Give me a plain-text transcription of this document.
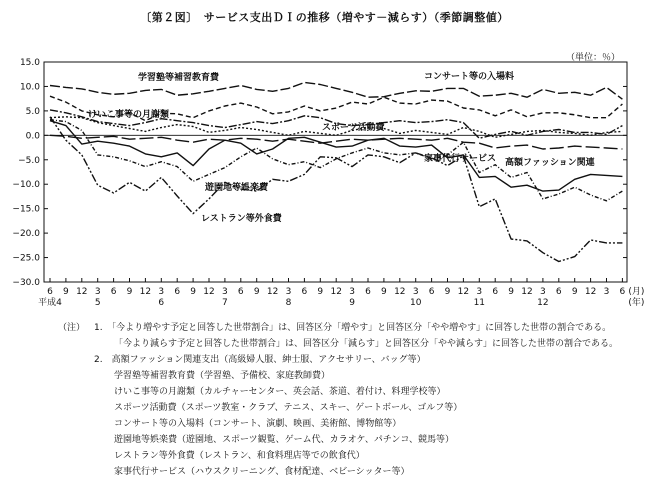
〔第２図〕　サービス支出ＤＩの推移（増やす－減らす）（季節調整値）
（単位：％）
15.0
10.0
5.0
0.0
−5.0
−10.0
−15.0
−20.0
−25.0
−30.0
6 9 12 3 6 9 12 3 6 9 12 3 6 9 12 3 6 9 12 3 6 9 12 3 6 9 12 3 6 9 12 3 6 9 12 3 6 (月)
平成4	5	6	7	8	9	10	11	12	(年)
学習塾等補習教育費	コンサート等の入場料
けいこ事等の月謝類
スポーツ活動費
家事代行サービス 高額ファッション関連
遊園地等娯楽費
レストラン等外食費
（注） 1.　「今より増やす予定と回答した世帯割合」は、回答区分「増やす」と回答区分「やや増やす」に回答した世帯の割合である。
「今より減らす予定と回答した世帯割合」は、回答区分「減らす」と回答区分「やや減らす」に回答した世帯の割合である。
2.　高額ファッション関連支出（高級婦人服、紳士服、アクセサリー、バッグ等）
学習塾等補習教育費（学習塾、予備校、家庭教師費）
けいこ事等の月謝類（カルチャーセンター、英会話、茶道、着付け、料理学校等）
スポーツ活動費（スポーツ教室・クラブ、テニス、スキー、ゲートボール、ゴルフ等）
コンサート等の入場料（コンサート、演劇、映画、美術館、博物館等）
遊園地等娯楽費（遊園地、スポーツ観覧、ゲーム代、カラオケ、パチンコ、競馬等）
レストラン等外食費（レストラン、和食料理店等での飲食代）
家事代行サービス（ハウスクリーニング、食材配達、ベビーシッター等）
